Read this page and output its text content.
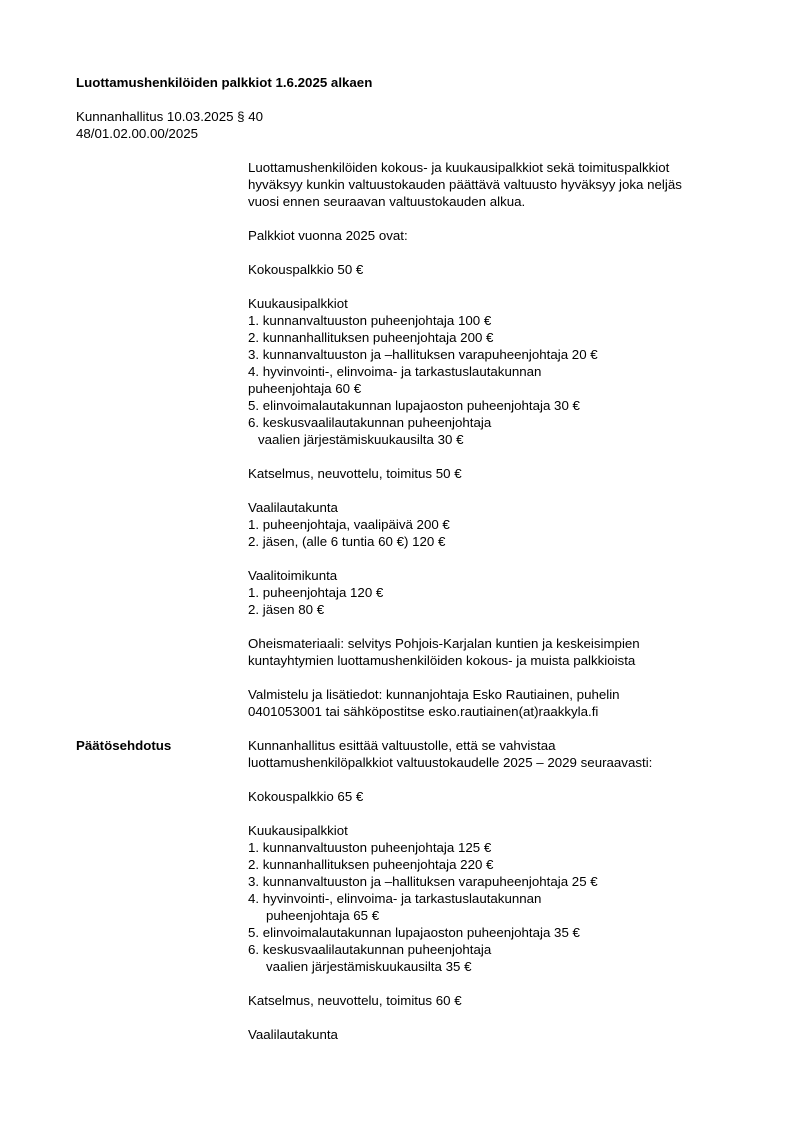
Luottamushenkilöiden palkkiot 1.6.2025 alkaen
Kunnanhallitus 10.03.2025 § 40
48/01.02.00.00/2025
Luottamushenkilöiden kokous- ja kuukausipalkkiot sekä toimituspalkkiot
hyväksyy kunkin valtuustokauden päättävä valtuusto hyväksyy joka neljäs
vuosi ennen seuraavan valtuustokauden alkua.
Palkkiot vuonna 2025 ovat:
Kokouspalkkio 50 €
Kuukausipalkkiot
1. kunnanvaltuuston puheenjohtaja 100 €
2. kunnanhallituksen puheenjohtaja 200 €
3. kunnanvaltuuston ja –hallituksen varapuheenjohtaja 20 €
4. hyvinvointi-, elinvoima- ja tarkastuslautakunnan
puheenjohtaja 60 €
5. elinvoimalautakunnan lupajaoston puheenjohtaja 30 €
6. keskusvaalilautakunnan puheenjohtaja
vaalien järjestämiskuukausilta 30 €
Katselmus, neuvottelu, toimitus 50 €
Vaalilautakunta
1. puheenjohtaja, vaalipäivä 200 €
2. jäsen, (alle 6 tuntia 60 €) 120 €
Vaalitoimikunta
1. puheenjohtaja 120 €
2. jäsen 80 €
Oheismateriaali: selvitys Pohjois-Karjalan kuntien ja keskeisimpien
kuntayhtymien luottamushenkilöiden kokous- ja muista palkkioista
Valmistelu ja lisätiedot: kunnanjohtaja Esko Rautiainen, puhelin
0401053001 tai sähköpostitse esko.rautiainen(at)raakkyla.fi
Päätösehdotus	Kunnanhallitus esittää valtuustolle, että se vahvistaa
luottamushenkilöpalkkiot valtuustokaudelle 2025 – 2029 seuraavasti:
Kokouspalkkio 65 €
Kuukausipalkkiot
1. kunnanvaltuuston puheenjohtaja 125 €
2. kunnanhallituksen puheenjohtaja 220 €
3. kunnanvaltuuston ja –hallituksen varapuheenjohtaja 25 €
4. hyvinvointi-, elinvoima- ja tarkastuslautakunnan
puheenjohtaja 65 €
5. elinvoimalautakunnan lupajaoston puheenjohtaja 35 €
6. keskusvaalilautakunnan puheenjohtaja
vaalien järjestämiskuukausilta 35 €
Katselmus, neuvottelu, toimitus 60 €
Vaalilautakunta
